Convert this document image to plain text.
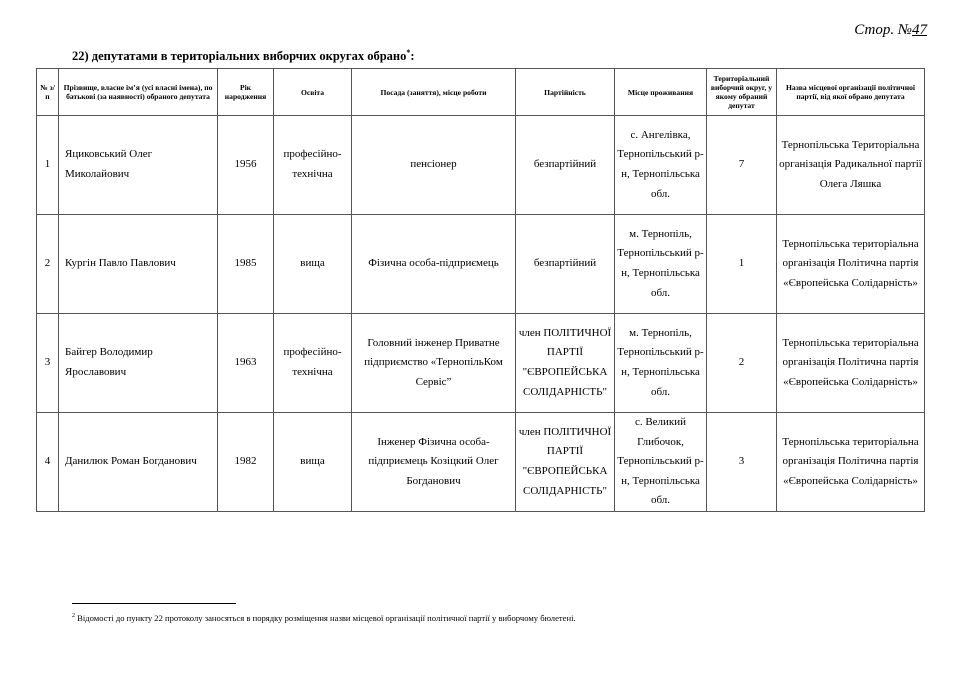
Стор. №47
22) депутатами в територіальних виборчих округах обрано*:
№ з/п	Прізвище, власне ім’я (усі власні імена), по батькові (за наявності) обраного депутата	Рік народження	Освіта	Посада (заняття), місце роботи	Партійність	Місце проживання	Територіальний виборчий округ, у якому обраний депутат	Назва місцевої організації політичної партії, від якої обрано депутата
1	Яциковський Олег Миколайович	1956	професійно-технічна	пенсіонер	безпартійний	с. Ангелівка, Тернопільський р-н, Тернопільська обл.	7	Тернопільська Територіальна організація Радикальної партії Олега Ляшка
2	Кургін Павло Павлович	1985	вища	Фізична особа-підприємець	безпартійний	м. Тернопіль, Тернопільський р-н, Тернопільська обл.	1	Тернопільська територіальна організація Політична партія «Європейська Солідарність»
3	Байгер Володимир Ярославович	1963	професійно-технічна	Головний інженер Приватне підприємство «ТернопільКом Сервіс”	член ПОЛІТИЧНОЇ ПАРТІЇ "ЄВРОПЕЙСЬКА СОЛІДАРНІСТЬ"	м. Тернопіль, Тернопільський р-н, Тернопільська обл.	2	Тернопільська територіальна організація Політична партія «Європейська Солідарність»
4	Данилюк Роман Богданович	1982	вища	Інженер Фізична особа-підприємець Козіцкий Олег Богданович	член ПОЛІТИЧНОЇ ПАРТІЇ "ЄВРОПЕЙСЬКА СОЛІДАРНІСТЬ"	с. Великий Глибочок, Тернопільський р-н, Тернопільська обл.	3	Тернопільська територіальна організація Політична партія «Європейська Солідарність»
$^2$ Відомості до пункту 22 протоколу заносяться в порядку розміщення назви місцевої організації політичної партії у виборчому бюлетені.
